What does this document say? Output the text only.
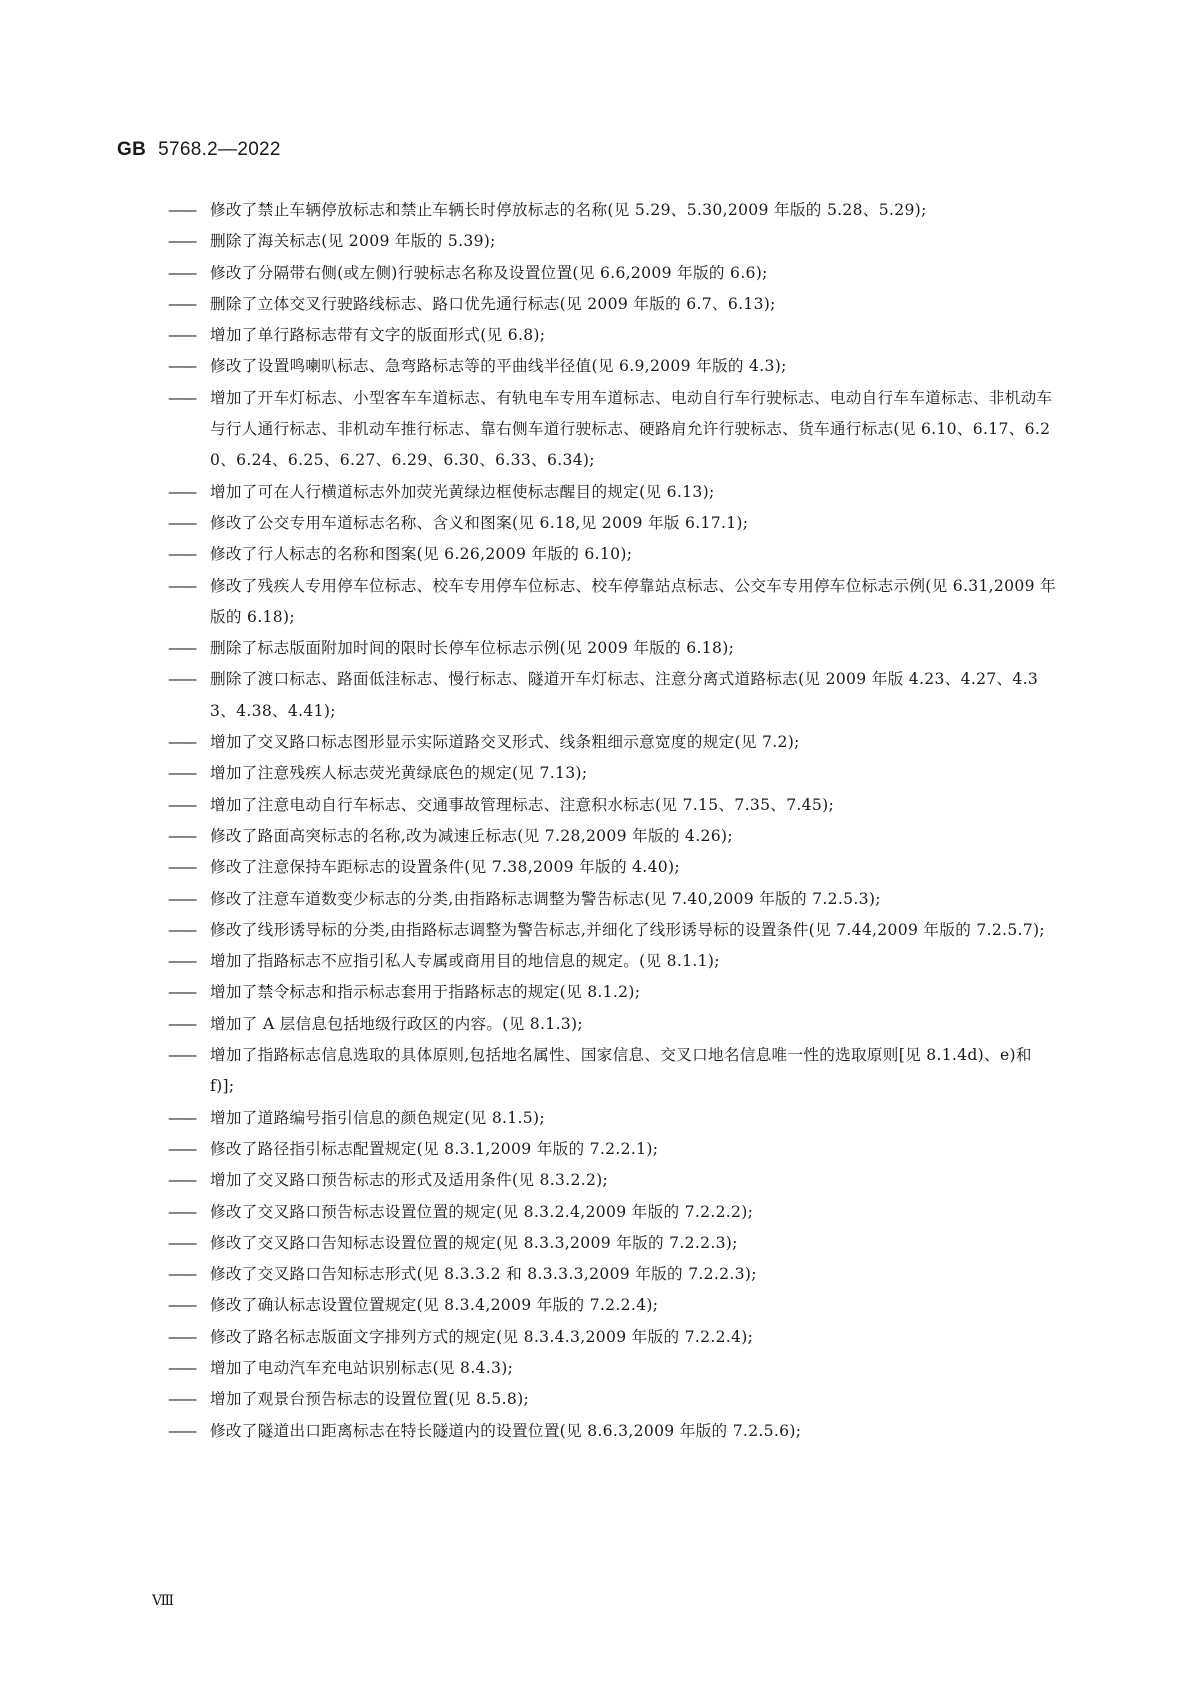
GB 5768.2—2022
—— 修改了禁止车辆停放标志和禁止车辆长时停放标志的名称(见 5.29、5.30,2009 年版的 5.28、5.29);
—— 删除了海关标志(见 2009 年版的 5.39);
—— 修改了分隔带右侧(或左侧)行驶标志名称及设置位置(见 6.6,2009 年版的 6.6);
—— 删除了立体交叉行驶路线标志、路口优先通行标志(见 2009 年版的 6.7、6.13);
—— 增加了单行路标志带有文字的版面形式(见 6.8);
—— 修改了设置鸣喇叭标志、急弯路标志等的平曲线半径值(见 6.9,2009 年版的 4.3);
—— 增加了开车灯标志、小型客车车道标志、有轨电车专用车道标志、电动自行车行驶标志、电动自行车车道标志、非机动车与行人通行标志、非机动车推行标志、靠右侧车道行驶标志、硬路肩允许行驶标志、货车通行标志(见 6.10、6.17、6.20、6.24、6.25、6.27、6.29、6.30、6.33、6.34);
—— 增加了可在人行横道标志外加荧光黄绿边框使标志醒目的规定(见 6.13);
—— 修改了公交专用车道标志名称、含义和图案(见 6.18,见 2009 年版 6.17.1);
—— 修改了行人标志的名称和图案(见 6.26,2009 年版的 6.10);
—— 修改了残疾人专用停车位标志、校车专用停车位标志、校车停靠站点标志、公交车专用停车位标志示例(见 6.31,2009 年版的 6.18);
—— 删除了标志版面附加时间的限时长停车位标志示例(见 2009 年版的 6.18);
—— 删除了渡口标志、路面低洼标志、慢行标志、隧道开车灯标志、注意分离式道路标志(见 2009 年版 4.23、4.27、4.33、4.38、4.41);
—— 增加了交叉路口标志图形显示实际道路交叉形式、线条粗细示意宽度的规定(见 7.2);
—— 增加了注意残疾人标志荧光黄绿底色的规定(见 7.13);
—— 增加了注意电动自行车标志、交通事故管理标志、注意积水标志(见 7.15、7.35、7.45);
—— 修改了路面高突标志的名称,改为减速丘标志(见 7.28,2009 年版的 4.26);
—— 修改了注意保持车距标志的设置条件(见 7.38,2009 年版的 4.40);
—— 修改了注意车道数变少标志的分类,由指路标志调整为警告标志(见 7.40,2009 年版的 7.2.5.3);
—— 修改了线形诱导标的分类,由指路标志调整为警告标志,并细化了线形诱导标的设置条件(见 7.44,2009 年版的 7.2.5.7);
—— 增加了指路标志不应指引私人专属或商用目的地信息的规定。(见 8.1.1);
—— 增加了禁令标志和指示标志套用于指路标志的规定(见 8.1.2);
—— 增加了 A 层信息包括地级行政区的内容。(见 8.1.3);
—— 增加了指路标志信息选取的具体原则,包括地名属性、国家信息、交叉口地名信息唯一性的选取原则[见 8.1.4d)、e)和 f)];
—— 增加了道路编号指引信息的颜色规定(见 8.1.5);
—— 修改了路径指引标志配置规定(见 8.3.1,2009 年版的 7.2.2.1);
—— 增加了交叉路口预告标志的形式及适用条件(见 8.3.2.2);
—— 修改了交叉路口预告标志设置位置的规定(见 8.3.2.4,2009 年版的 7.2.2.2);
—— 修改了交叉路口告知标志设置位置的规定(见 8.3.3,2009 年版的 7.2.2.3);
—— 修改了交叉路口告知标志形式(见 8.3.3.2 和 8.3.3.3,2009 年版的 7.2.2.3);
—— 修改了确认标志设置位置规定(见 8.3.4,2009 年版的 7.2.2.4);
—— 修改了路名标志版面文字排列方式的规定(见 8.3.4.3,2009 年版的 7.2.2.4);
—— 增加了电动汽车充电站识别标志(见 8.4.3);
—— 增加了观景台预告标志的设置位置(见 8.5.8);
—— 修改了隧道出口距离标志在特长隧道内的设置位置(见 8.6.3,2009 年版的 7.2.5.6);
Ⅷ
